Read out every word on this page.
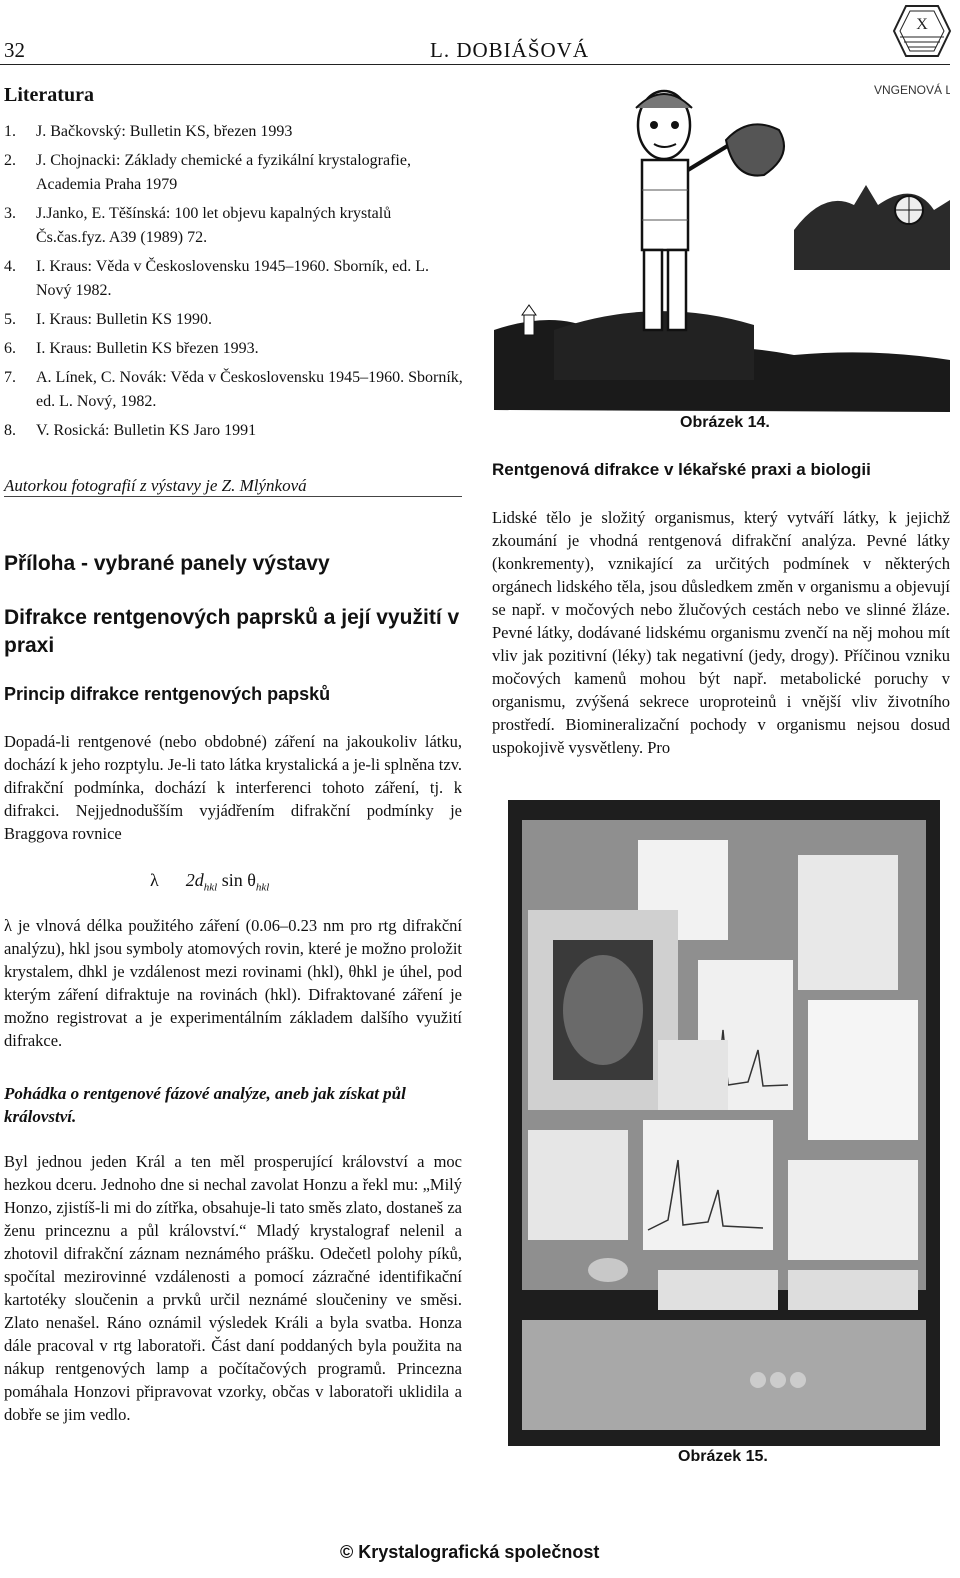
32	L. DOBIÁŠOVÁ
X
Literatura
1. J. Bačkovský: Bulletin KS, březen 1993
2. J. Chojnacki: Základy chemické a fyzikální krystalografie, Academia Praha 1979
3. J.Janko, E. Těšínská: 100 let objevu kapalných krystalů Čs.čas.fyz. A39 (1989) 72.
4. I. Kraus: Věda v Československu 1945–1960. Sborník, ed. L. Nový 1982.
5. I. Kraus: Bulletin KS 1990.
6. I. Kraus: Bulletin KS březen 1993.
7. A. Línek, C. Novák: Věda v Československu 1945–1960. Sborník, ed. L. Nový, 1982.
8. V. Rosická: Bulletin KS Jaro 1991
Autorkou fotografií z výstavy je Z. Mlýnková
Příloha - vybrané panely výstavy
Difrakce rentgenových paprsků a její využití v praxi
Princip difrakce rentgenových papsků
Dopadá-li rentgenové (nebo obdobné) záření na jakoukoliv látku, dochází k jeho rozptylu. Je-li tato látka krystalická a je-li splněna tzv. difrakční podmínka, dochází k interferenci tohoto záření, tj. k difrakci. Nejjednodušším vyjádřením difrakční podmínky je Braggova rovnice
λ $2d_{hkl}$ $\sin \theta_{hkl}$
λ je vlnová délka použitého záření (0.06–0.23 nm pro rtg difrakční analýzu), hkl jsou symboly atomových rovin, které je možno proložit krystalem, dhkl je vzdálenost mezi rovinami (hkl), θhkl je úhel, pod kterým záření difraktuje na rovinách (hkl). Difraktované záření je možno registrovat a je experimentálním základem dalšího využití difrakce.
Pohádka o rentgenové fázové analýze, aneb jak získat půl království.
Byl jednou jeden Král a ten měl prosperující království a moc hezkou dceru. Jednoho dne si nechal zavolat Honzu a řekl mu: „Milý Honzo, zjistíš-li mi do zítřka, obsahuje-li tato směs zlato, dostaneš za ženu princeznu a půl království.“ Mladý krystalograf nelenil a zhotovil difrakční záznam neznámého prášku. Odečetl polohy píků, spočítal mezirovinné vzdálenosti a pomocí zázračné identifikační kartotéky sloučenin a prvků určil neznámé sloučeniny ve směsi. Zlato nenašel. Ráno oznámil výsledek Králi a byla svatba. Honza dále pracoval v rtg laboratoři. Část daní poddaných byla použita na nákup rentgenových lamp a počítačových programů. Princezna pomáhala Honzovi připravovat vzorky, občas v laboratoři uklidila a dobře se jim vedlo.
VNGENOVÁ L.
Obrázek 14.
Rentgenová difrakce v lékařské praxi a biologii
Lidské tělo je složitý organismus, který vytváří látky, k jejichž zkoumání je vhodná rentgenová difrakční analýza. Pevné látky (konkrementy), vznikající za určitých podmínek v některých orgánech lidského těla, jsou důsledkem změn v organismu a objevují se např. v močových nebo žlučových cestách nebo ve slinné žláze. Pevné látky, dodávané lidskému organismu zvenčí na něj mohou mít vliv jak pozitivní (léky) tak negativní (jedy, drogy). Příčinou vzniku močových kamenů mohou být např. metabolické poruchy v organismu, zvýšená sekrece uroproteinů i vnější vliv životního prostředí. Biomineralizační pochody v organismu nejsou dosud uspokojivě vysvětleny. Pro
Obrázek 15.
© Krystalografická společnost
